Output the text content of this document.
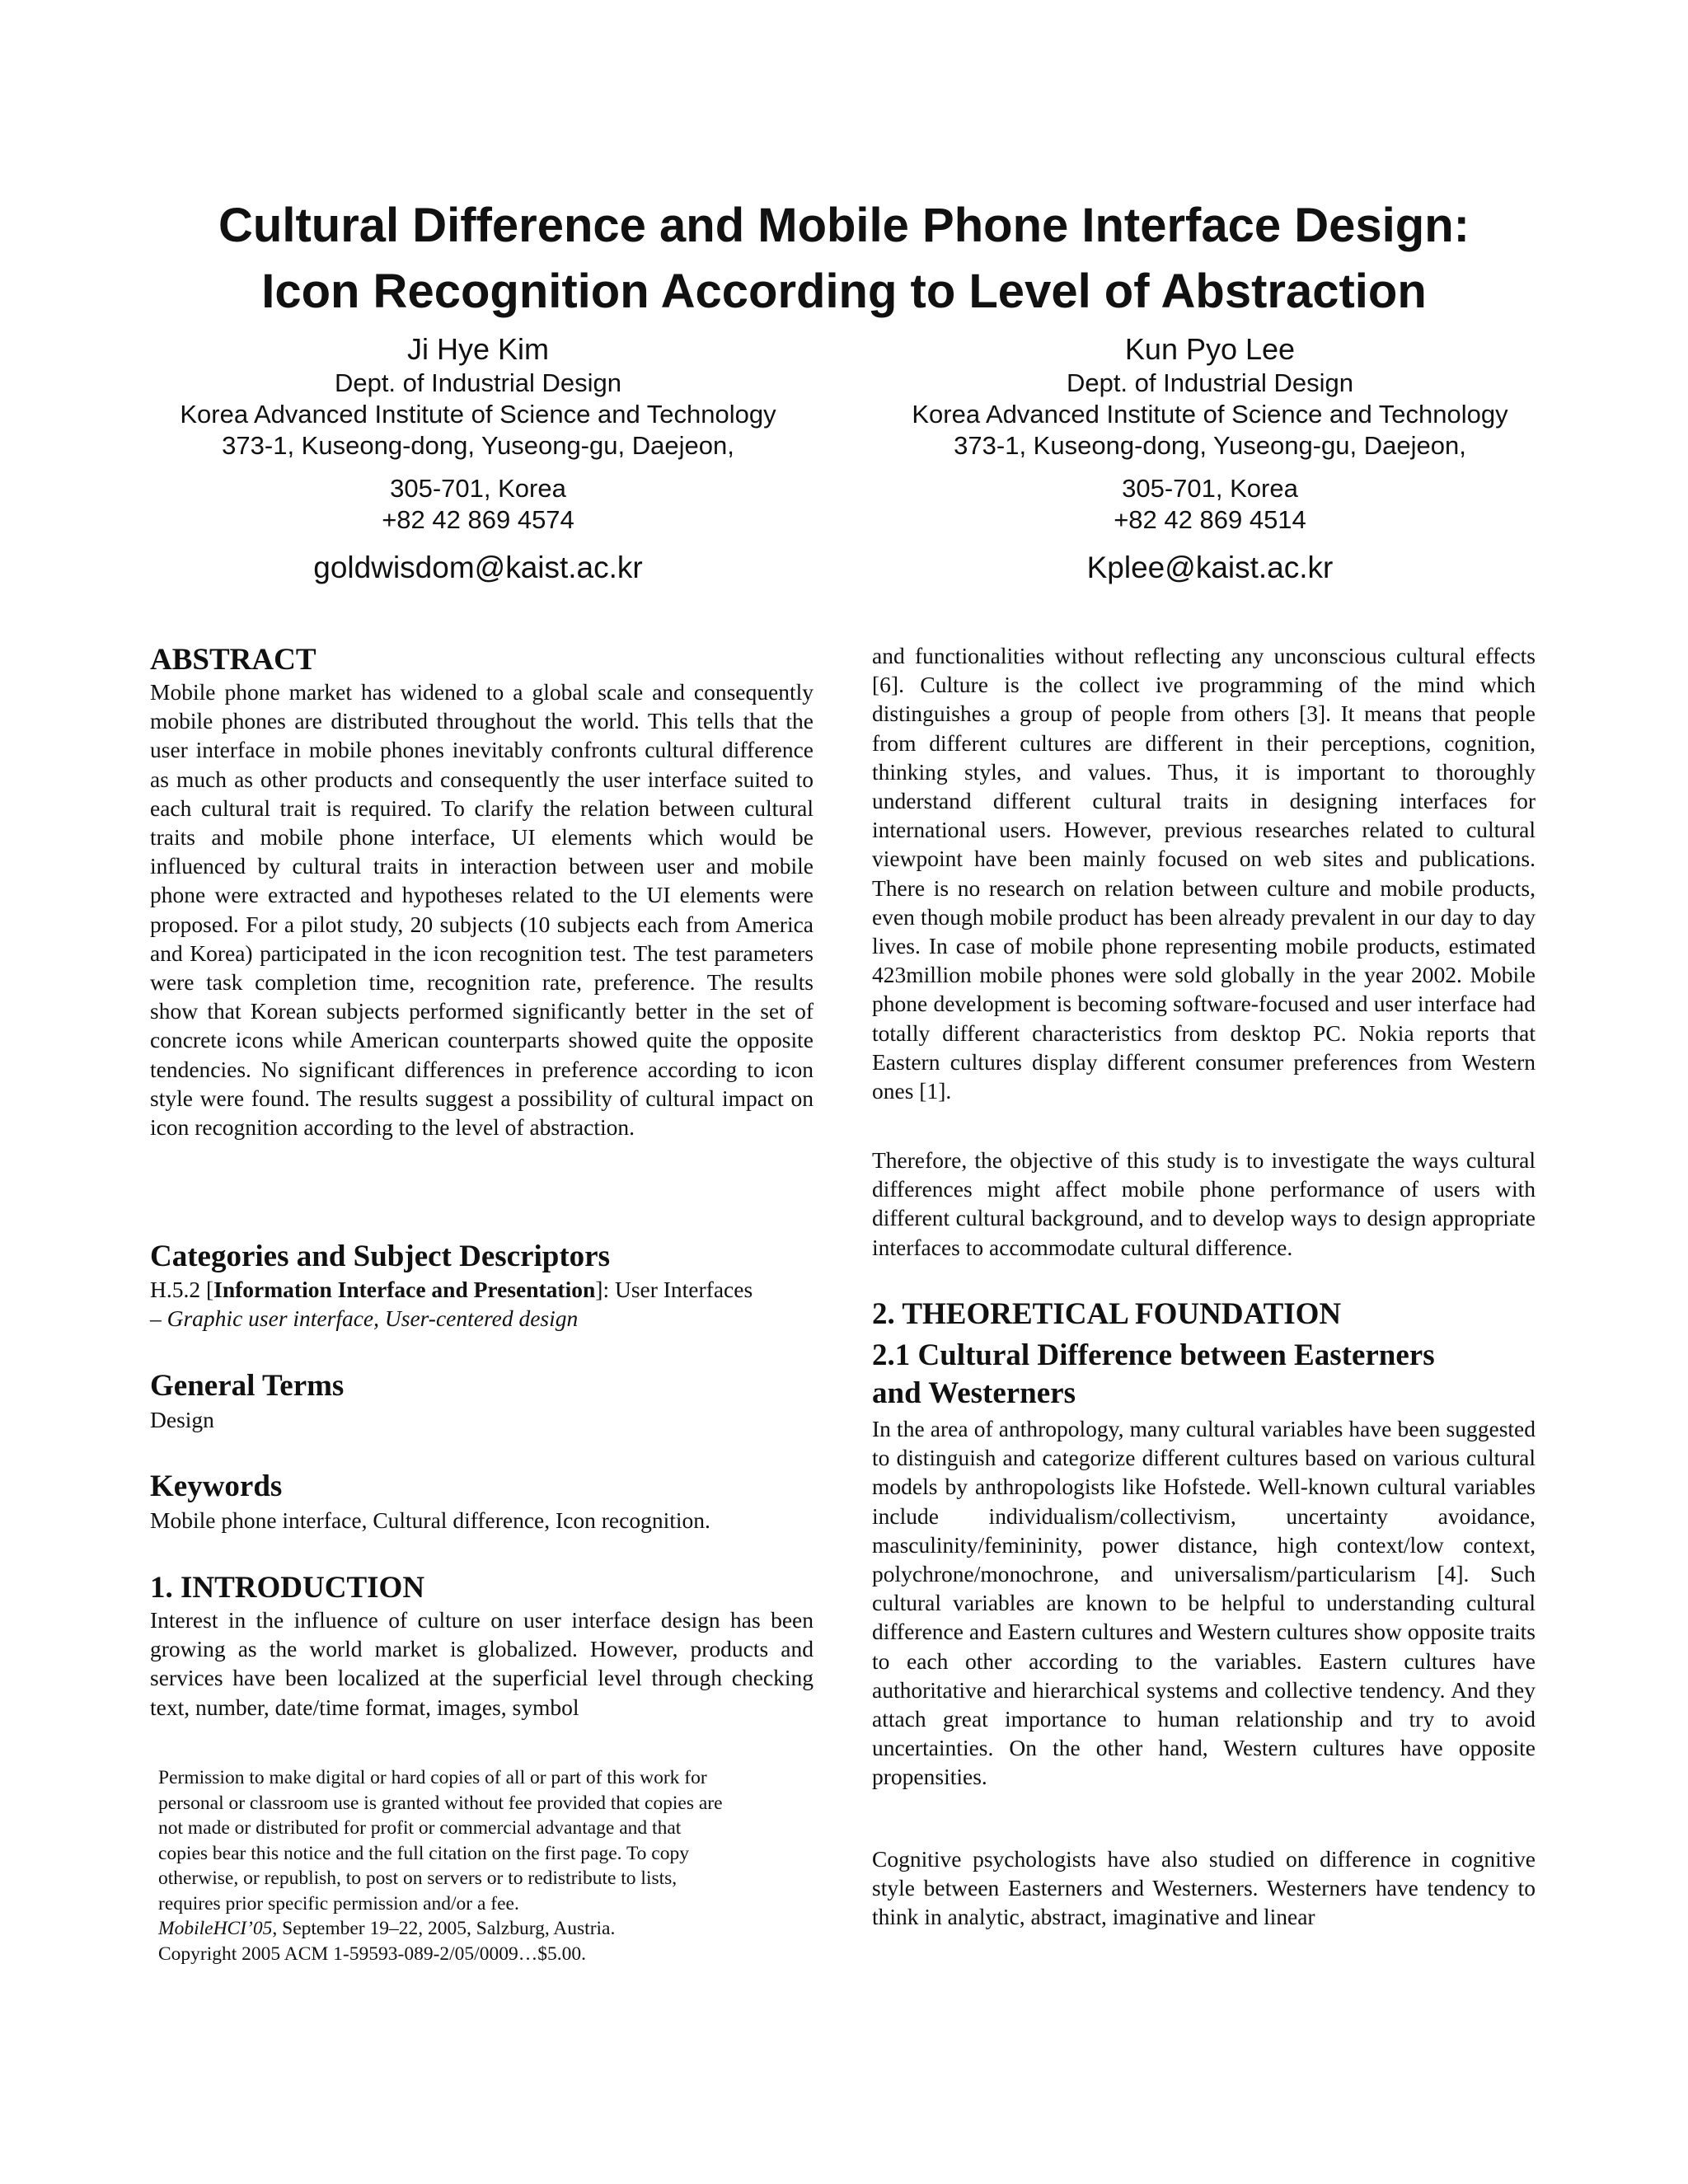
Cultural Difference and Mobile Phone Interface Design:
Icon Recognition According to Level of Abstraction
Ji Hye Kim
Dept. of Industrial Design
Korea Advanced Institute of Science and Technology
373-1, Kuseong-dong, Yuseong-gu, Daejeon,
305-701, Korea
+82 42 869 4574
goldwisdom@kaist.ac.kr
Kun Pyo Lee
Dept. of Industrial Design
Korea Advanced Institute of Science and Technology
373-1, Kuseong-dong, Yuseong-gu, Daejeon,
305-701, Korea
+82 42 869 4514
Kplee@kaist.ac.kr
ABSTRACT
Mobile phone market has widened to a global scale and consequently mobile phones are distributed throughout the world. This tells that the user interface in mobile phones inevitably confronts cultural difference as much as other products and consequently the user interface suited to each cultural trait is required. To clarify the relation between cultural traits and mobile phone interface, UI elements which would be influenced by cultural traits in interaction between user and mobile phone were extracted and hypotheses related to the UI elements were proposed. For a pilot study, 20 subjects (10 subjects each from America and Korea) participated in the icon recognition test. The test parameters were task completion time, recognition rate, preference. The results show that Korean subjects performed significantly better in the set of concrete icons while American counterparts showed quite the opposite tendencies. No significant differences in preference according to icon style were found. The results suggest a possibility of cultural impact on icon recognition according to the level of abstraction.
Categories and Subject Descriptors
H.5.2 [Information Interface and Presentation]: User Interfaces
– Graphic user interface, User-centered design
General Terms
Design
Keywords
Mobile phone interface, Cultural difference, Icon recognition.
1. INTRODUCTION
Interest in the influence of culture on user interface design has been growing as the world market is globalized. However, products and services have been localized at the superficial level through checking text, number, date/time format, images, symbol
Permission to make digital or hard copies of all or part of this work for
personal or classroom use is granted without fee provided that copies are
not made or distributed for profit or commercial advantage and that
copies bear this notice and the full citation on the first page. To copy
otherwise, or republish, to post on servers or to redistribute to lists,
requires prior specific permission and/or a fee.
MobileHCI’05, September 19–22, 2005, Salzburg, Austria.
Copyright 2005 ACM 1-59593-089-2/05/0009…$5.00.
and functionalities without reflecting any unconscious cultural effects [6]. Culture is the collect ive programming of the mind which distinguishes a group of people from others [3]. It means that people from different cultures are different in their perceptions, cognition, thinking styles, and values. Thus, it is important to thoroughly understand different cultural traits in designing interfaces for international users. However, previous researches related to cultural viewpoint have been mainly focused on web sites and publications. There is no research on relation between culture and mobile products, even though mobile product has been already prevalent in our day to day lives. In case of mobile phone representing mobile products, estimated 423million mobile phones were sold globally in the year 2002. Mobile phone development is becoming software-focused and user interface had totally different characteristics from desktop PC. Nokia reports that Eastern cultures display different consumer preferences from Western ones [1].
Therefore, the objective of this study is to investigate the ways cultural differences might affect mobile phone performance of users with different cultural background, and to develop ways to design appropriate interfaces to accommodate cultural difference.
2. THEORETICAL FOUNDATION
2.1 Cultural Difference between Easterners
and Westerners
In the area of anthropology, many cultural variables have been suggested to distinguish and categorize different cultures based on various cultural models by anthropologists like Hofstede. Well-known cultural variables include individualism/collectivism, uncertainty avoidance, masculinity/femininity, power distance, high context/low context, polychrone/monochrone, and universalism/particularism [4]. Such cultural variables are known to be helpful to understanding cultural difference and Eastern cultures and Western cultures show opposite traits to each other according to the variables. Eastern cultures have authoritative and hierarchical systems and collective tendency. And they attach great importance to human relationship and try to avoid uncertainties. On the other hand, Western cultures have opposite propensities.
Cognitive psychologists have also studied on difference in cognitive style between Easterners and Westerners. Westerners have tendency to think in analytic, abstract, imaginative and linear
